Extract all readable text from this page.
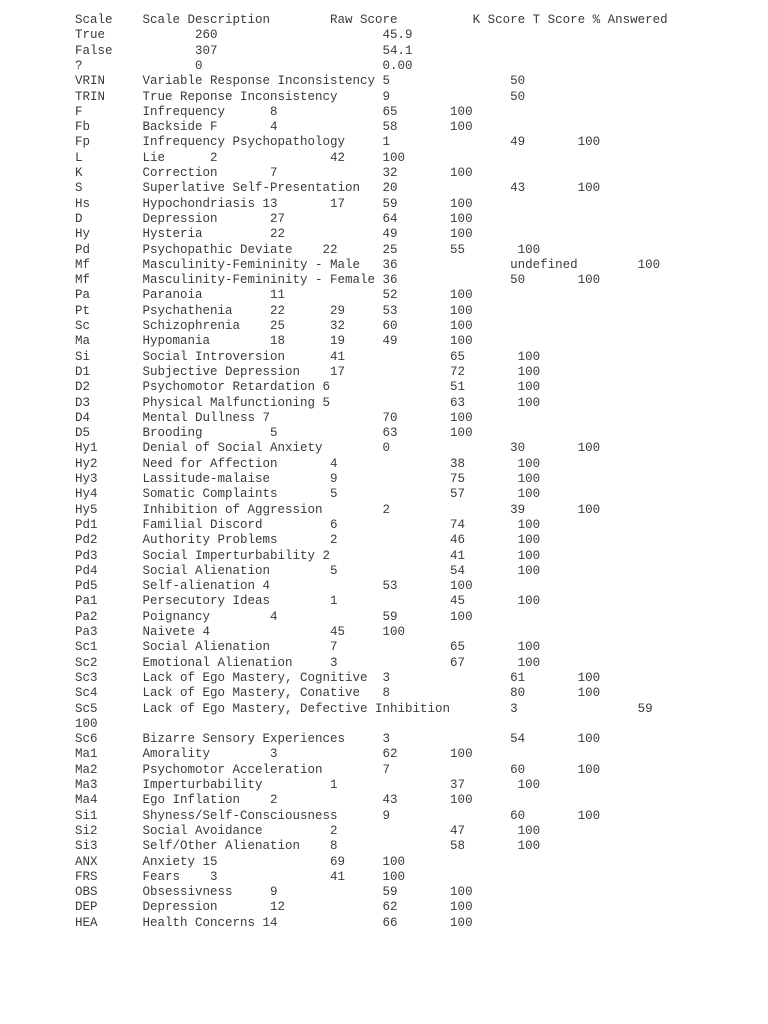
Scale    Scale Description        Raw Score          K Score T Score % Answered
True            260                      45.9
False           307                      54.1
?               0                        0.00
VRIN     Variable Response Inconsistency 5                50
TRIN     True Reponse Inconsistency      9                50
F        Infrequency      8              65       100
Fb       Backside F       4              58       100
Fp       Infrequency Psychopathology     1                49       100
L        Lie      2               42     100
K        Correction       7              32       100
S        Superlative Self-Presentation   20               43       100
Hs       Hypochondriasis 13       17     59       100
D        Depression       27             64       100
Hy       Hysteria         22             49       100
Pd       Psychopathic Deviate    22      25       55       100
Mf       Masculinity-Femininity - Male   36               undefined        100
Mf       Masculinity-Femininity - Female 36               50       100
Pa       Paranoia         11             52       100
Pt       Psychathenia     22      29     53       100
Sc       Schizophrenia    25      32     60       100
Ma       Hypomania        18      19     49       100
Si       Social Introversion      41              65       100
D1       Subjective Depression    17              72       100
D2       Psychomotor Retardation 6                51       100
D3       Physical Malfunctioning 5                63       100
D4       Mental Dullness 7               70       100
D5       Brooding         5              63       100
Hy1      Denial of Social Anxiety        0                30       100
Hy2      Need for Affection       4               38       100
Hy3      Lassitude-malaise        9               75       100
Hy4      Somatic Complaints       5               57       100
Hy5      Inhibition of Aggression        2                39       100
Pd1      Familial Discord         6               74       100
Pd2      Authority Problems       2               46       100
Pd3      Social Imperturbability 2                41       100
Pd4      Social Alienation        5               54       100
Pd5      Self-alienation 4               53       100
Pa1      Persecutory Ideas        1               45       100
Pa2      Poignancy        4              59       100
Pa3      Naivete 4                45     100
Sc1      Social Alienation        7               65       100
Sc2      Emotional Alienation     3               67       100
Sc3      Lack of Ego Mastery, Cognitive  3                61       100
Sc4      Lack of Ego Mastery, Conative   8                80       100
Sc5      Lack of Ego Mastery, Defective Inhibition        3                59
100
Sc6      Bizarre Sensory Experiences     3                54       100
Ma1      Amorality        3              62       100
Ma2      Psychomotor Acceleration        7                60       100
Ma3      Imperturbability         1               37       100
Ma4      Ego Inflation    2              43       100
Si1      Shyness/Self-Consciousness      9                60       100
Si2      Social Avoidance         2               47       100
Si3      Self/Other Alienation    8               58       100
ANX      Anxiety 15               69     100
FRS      Fears    3               41     100
OBS      Obsessivness     9              59       100
DEP      Depression       12             62       100
HEA      Health Concerns 14              66       100
